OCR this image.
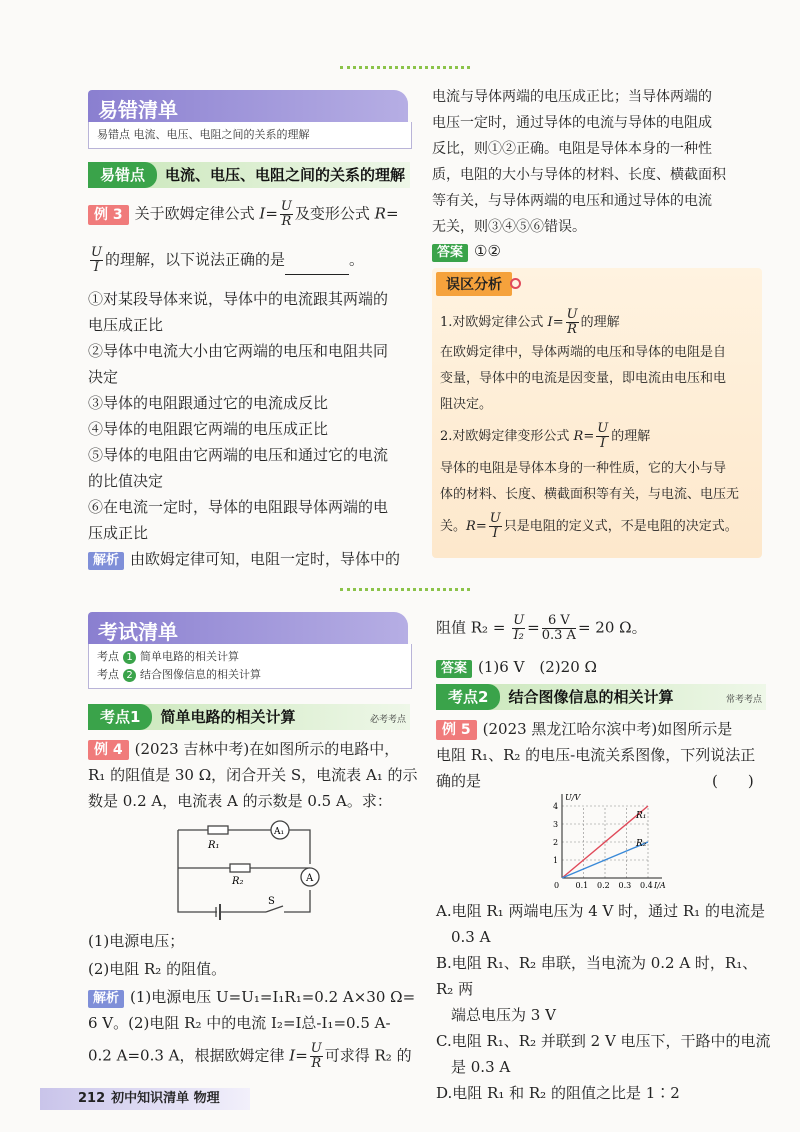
易错清单
易错点 电流、电压、电阻之间的关系的理解
易错点 电流、电压、电阻之间的关系的理解
例 3 关于欧姆定律公式 $I= \frac{U}{R}$ 及变形公式 R=
$\frac{U}{I}$ 的理解，以下说法正确的是	。
①对某段导体来说，导体中的电流跟其两端的
电压成正比
②导体中电流大小由它两端的电压和电阻共同
决定
③导体的电阻跟通过它的电流成反比
④导体的电阻跟它两端的电压成正比
⑤导体的电阻由它两端的电压和通过它的电流
的比值决定
⑥在电流一定时，导体的电阻跟导体两端的电
压成正比
解析 由欧姆定律可知，电阻一定时，导体中的
电流与导体两端的电压成正比；当导体两端的
电压一定时，通过导体的电流与导体的电阻成
反比，则①②正确。电阻是导体本身的一种性
质，电阻的大小与导体的材料、长度、横截面积
等有关，与导体两端的电压和通过导体的电流
无关，则③④⑤⑥错误。
答案 ①②
误区分析
1.对欧姆定律公式 $I= \frac{U}{R}$ 的理解
在欧姆定律中，导体两端的电压和导体的电阻是自
变量，导体中的电流是因变量，即电流由电压和电
阻决定。
2.对欧姆定律变形公式 $R= \frac{U}{I}$ 的理解
导体的电阻是导体本身的一种性质，它的大小与导
体的材料、长度、横截面积等有关，与电流、电压无
关。$R= \frac{U}{I}$ 只是电阻的定义式，不是电阻的决定式。
考试清单
考点 1 简单电路的相关计算
考点 2 结合图像信息的相关计算
考点1 简单电路的相关计算	必考考点
例 4 (2023 吉林中考)在如图所示的电路中，
R₁ 的阻值是 30 Ω，闭合开关 S，电流表 A₁ 的示
数是 0.2 A，电流表 A 的示数是 0.5 A。求：
R₁
R₂
A₁
A
S
(1)电源电压；
(2)电阻 R₂ 的阻值。
解析 (1)电源电压 U=U₁=I₁R₁=0.2 A×30 Ω=
6 V。(2)电阻 R₂ 中的电流 I₂=I总-I₁=0.5 A-
0.2 A=0.3 A，根据欧姆定律 $I= \frac{U}{R}$ 可求得 R₂ 的
阻值 $R_2 = \frac{U}{\text{I₂}} = \frac{6 V}{0.3 A} = 20$ Ω。
答案 (1)6 V　(2)20 Ω
考点2 结合图像信息的相关计算	常考考点
例 5 (2023 黑龙江哈尔滨中考)如图所示是
电阻 R₁、R₂ 的电压-电流关系图像，下列说法正
确的是	(　　)
R₁
R₂
0 0.1 0.2 0.3 0.4
1
2
3
4
I/A
U/V
A.电阻 R₁ 两端电压为 4 V 时，通过 R₁ 的电流是
　0.3 A
B.电阻 R₁、R₂ 串联，当电流为 0.2 A 时，R₁、R₂ 两
　端总电压为 3 V
C.电阻 R₁、R₂ 并联到 2 V 电压下，干路中的电流
　是 0.3 A
D.电阻 R₁ 和 R₂ 的阻值之比是 1∶2
212 初中知识清单 物理
